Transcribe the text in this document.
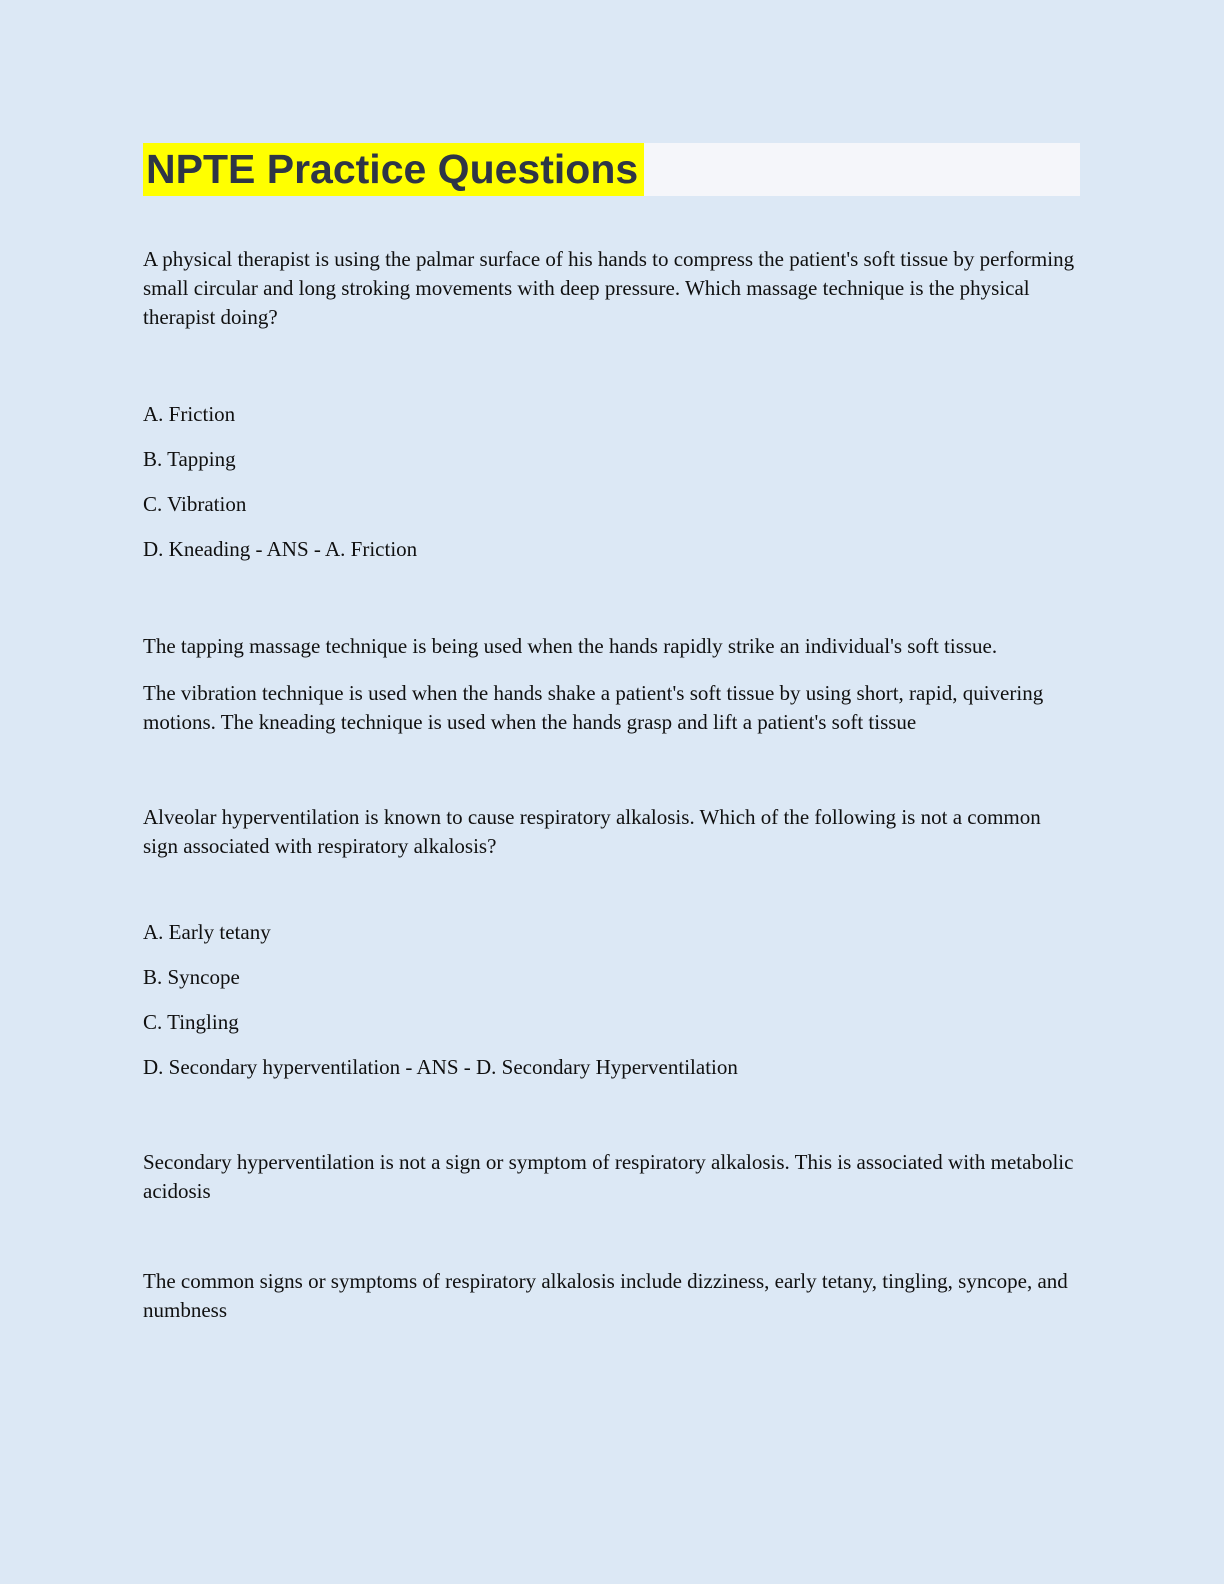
NPTE Practice Questions

A physical therapist is using the palmar surface of his hands to compress the patient's soft tissue by performing small circular and long stroking movements with deep pressure. Which massage technique is the physical therapist doing?

A. Friction

B. Tapping

C. Vibration

D. Kneading - ANS - A. Friction

The tapping massage technique is being used when the hands rapidly strike an individual's soft tissue.

The vibration technique is used when the hands shake a patient's soft tissue by using short, rapid, quivering motions. The kneading technique is used when the hands grasp and lift a patient's soft tissue

Alveolar hyperventilation is known to cause respiratory alkalosis. Which of the following is not a common sign associated with respiratory alkalosis?

A. Early tetany

B. Syncope

C. Tingling

D. Secondary hyperventilation - ANS - D. Secondary Hyperventilation

Secondary hyperventilation is not a sign or symptom of respiratory alkalosis. This is associated with metabolic acidosis

The common signs or symptoms of respiratory alkalosis include dizziness, early tetany, tingling, syncope, and numbness
